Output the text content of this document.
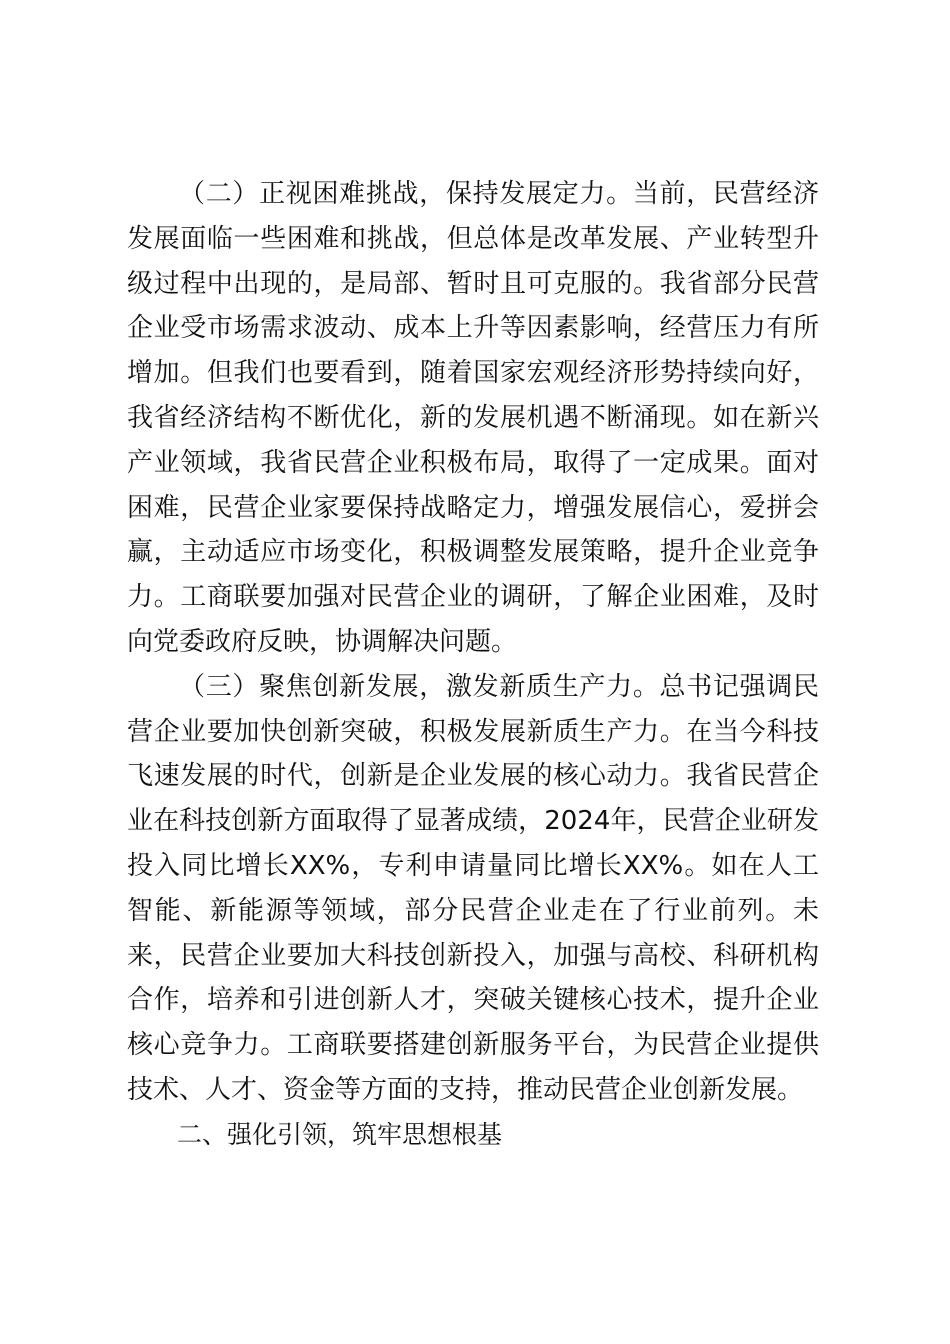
（二）正视困难挑战，保持发展定力。当前，民营经济发展面临一些困难和挑战，但总体是改革发展、产业转型升级过程中出现的，是局部、暂时且可克服的。我省部分民营企业受市场需求波动、成本上升等因素影响，经营压力有所增加。但我们也要看到，随着国家宏观经济形势持续向好，我省经济结构不断优化，新的发展机遇不断涌现。如在新兴产业领域，我省民营企业积极布局，取得了一定成果。面对困难，民营企业家要保持战略定力，增强发展信心，爱拼会赢，主动适应市场变化，积极调整发展策略，提升企业竞争力。工商联要加强对民营企业的调研，了解企业困难，及时向党委政府反映，协调解决问题。

（三）聚焦创新发展，激发新质生产力。总书记强调民营企业要加快创新突破，积极发展新质生产力。在当今科技飞速发展的时代，创新是企业发展的核心动力。我省民营企业在科技创新方面取得了显著成绩，2024年，民营企业研发投入同比增长XX%，专利申请量同比增长XX%。如在人工智能、新能源等领域，部分民营企业走在了行业前列。未来，民营企业要加大科技创新投入，加强与高校、科研机构合作，培养和引进创新人才，突破关键核心技术，提升企业核心竞争力。工商联要搭建创新服务平台，为民营企业提供技术、人才、资金等方面的支持，推动民营企业创新发展。

二、强化引领，筑牢思想根基
